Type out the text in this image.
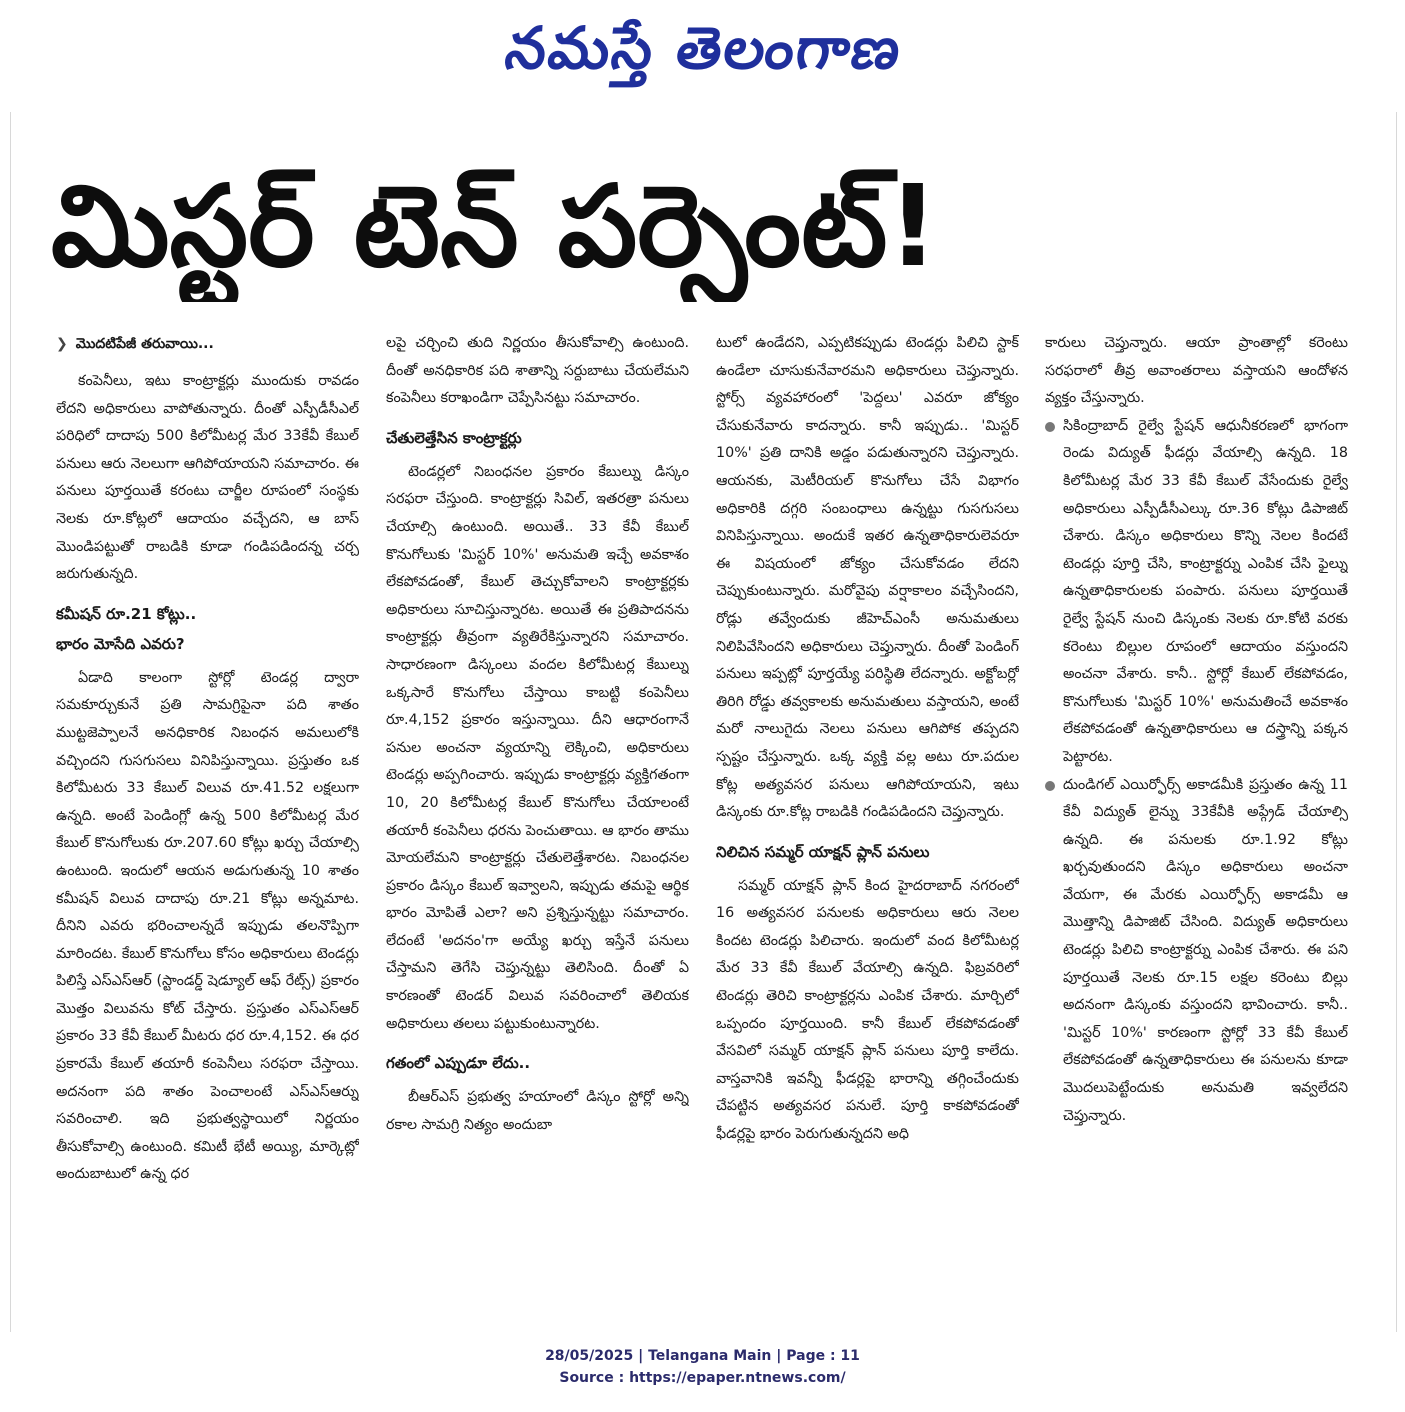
నమస్తే తెలంగాణ
మిస్టర్ టెన్ పర్సెంట్!
❯ మొదటిపేజీ తరువాయి...

కంపెనీలు, ఇటు కాంట్రాక్టర్లు ముందుకు రావడం లేదని అధికారులు వాపోతున్నారు. దీంతో ఎస్పీడీసీఎల్ పరిధిలో దాదాపు 500 కిలోమీటర్ల మేర 33కేవీ కేబుల్ పనులు ఆరు నెలలుగా ఆగిపోయాయని సమాచారం. ఈ పనులు పూర్తయితే కరంటు చార్జీల రూపంలో సంస్థకు నెలకు రూ.కోట్లలో ఆదాయం వచ్చేదని, ఆ బాస్ మొండిపట్టుతో రాబడికి కూడా గండిపడిందన్న చర్చ జరుగుతున్నది.

కమీషన్ రూ.21 కోట్లు..
భారం మోసేది ఎవరు?

ఏడాది కాలంగా స్టోర్లో టెండర్ల ద్వారా సమకూర్చుకునే ప్రతి సామగ్రిపైనా పది శాతం ముట్టజెప్పాలనే అనధికారిక నిబంధన అమలులోకి వచ్చిందని గుసగుసలు వినిపిస్తున్నాయి. ప్రస్తుతం ఒక కిలోమీటరు 33 కేబుల్ విలువ రూ.41.52 లక్షలుగా ఉన్నది. అంటే పెండింగ్లో ఉన్న 500 కిలోమీటర్ల మేర కేబుల్ కొనుగోలుకు రూ.207.60 కోట్లు ఖర్చు చేయాల్సి ఉంటుంది. ఇందులో ఆయన అడుగుతున్న 10 శాతం కమీషన్ విలువ దాదాపు రూ.21 కోట్లు అన్నమాట. దీనిని ఎవరు భరించాలన్నదే ఇప్పుడు తలనొప్పిగా మారిందట. కేబుల్ కొనుగోలు కోసం అధికారులు టెండర్లు పిలిస్తే ఎస్ఎస్ఆర్ (స్టాండర్డ్ షెడ్యూల్ ఆఫ్ రేట్స్) ప్రకారం మొత్తం విలువను కోట్ చేస్తారు. ప్రస్తుతం ఎస్ఎస్ఆర్ ప్రకారం 33 కేవీ కేబుల్ మీటరు ధర రూ.4,152. ఈ ధర ప్రకారమే కేబుల్ తయారీ కంపెనీలు సరఫరా చేస్తాయి. అదనంగా పది శాతం పెంచాలంటే ఎస్ఎస్ఆర్ను సవరించాలి. ఇది ప్రభుత్వస్థాయిలో నిర్ణయం తీసుకోవాల్సి ఉంటుంది. కమిటీ భేటీ అయ్యి, మార్కెట్లో అందుబాటులో ఉన్న ధర

లపై చర్చించి తుది నిర్ణయం తీసుకోవాల్సి ఉంటుంది. దీంతో అనధికారిక పది శాతాన్ని సర్దుబాటు చేయలేమని కంపెనీలు కరాఖండిగా చెప్పేసినట్టు సమాచారం.

చేతులెత్తేసిన కాంట్రాక్టర్లు

టెండర్లలో నిబంధనల ప్రకారం కేబుల్ను డిస్కం సరఫరా చేస్తుంది. కాంట్రాక్టర్లు సివిల్, ఇతరత్రా పనులు చేయాల్సి ఉంటుంది. అయితే.. 33 కేవీ కేబుల్ కొనుగోలుకు 'మిస్టర్ 10%' అనుమతి ఇచ్చే అవకాశం లేకపోవడంతో, కేబుల్ తెచ్చుకోవాలని కాంట్రాక్టర్లకు అధికారులు సూచిస్తున్నారట. అయితే ఈ ప్రతిపాదనను కాంట్రాక్టర్లు తీవ్రంగా వ్యతిరేకిస్తున్నారని సమాచారం. సాధారణంగా డిస్కంలు వందల కిలోమీటర్ల కేబుల్ను ఒక్కసారే కొనుగోలు చేస్తాయి కాబట్టి కంపెనీలు రూ.4,152 ప్రకారం ఇస్తున్నాయి. దీని ఆధారంగానే పనుల అంచనా వ్యయాన్ని లెక్కించి, అధికారులు టెండర్లు అప్పగించారు. ఇప్పుడు కాంట్రాక్టర్లు వ్యక్తిగతంగా 10, 20 కిలోమీటర్ల కేబుల్ కొనుగోలు చేయాలంటే తయారీ కంపెనీలు ధరను పెంచుతాయి. ఆ భారం తాము మోయలేమని కాంట్రాక్టర్లు చేతులెత్తేశారట. నిబంధనల ప్రకారం డిస్కం కేబుల్ ఇవ్వాలని, ఇప్పుడు తమపై ఆర్థిక భారం మోపితే ఎలా? అని ప్రశ్నిస్తున్నట్టు సమాచారం. లేదంటే 'అదనం'గా అయ్యే ఖర్చు ఇస్తేనే పనులు చేస్తామని తెగేసి చెప్తున్నట్టు తెలిసింది. దీంతో ఏ కారణంతో టెండర్ విలువ సవరించాలో తెలియక అధికారులు తలలు పట్టుకుంటున్నారట.

గతంలో ఎప్పుడూ లేదు..

బీఆర్ఎస్ ప్రభుత్వ హయాంలో డిస్కం స్టోర్లో అన్ని రకాల సామగ్రి నిత్యం అందుబా

టులో ఉండేదని, ఎప్పటికప్పుడు టెండర్లు పిలిచి స్టాక్ ఉండేలా చూసుకునేవారమని అధికారులు చెప్తున్నారు. స్టోర్స్ వ్యవహారంలో 'పెద్దలు' ఎవరూ జోక్యం చేసుకునేవారు కాదన్నారు. కానీ ఇప్పుడు.. 'మిస్టర్ 10%' ప్రతి దానికి అడ్డం పడుతున్నారని చెప్తున్నారు. ఆయనకు, మెటీరియల్ కొనుగోలు చేసే విభాగం అధికారికి దగ్గరి సంబంధాలు ఉన్నట్టు గుసగుసలు వినిపిస్తున్నాయి. అందుకే ఇతర ఉన్నతాధికారులెవరూ ఈ విషయంలో జోక్యం చేసుకోవడం లేదని చెప్పుకుంటున్నారు. మరోవైపు వర్షాకాలం వచ్చేసిందని, రోడ్లు తవ్వేందుకు జీహెచ్ఎంసీ అనుమతులు నిలిపివేసిందని అధికారులు చెప్తున్నారు. దీంతో పెండింగ్ పనులు ఇప్పట్లో పూర్తయ్యే పరిస్థితి లేదన్నారు. అక్టోబర్లో తిరిగి రోడ్డు తవ్వకాలకు అనుమతులు వస్తాయని, అంటే మరో నాలుగైదు నెలలు పనులు ఆగిపోక తప్పదని స్పష్టం చేస్తున్నారు. ఒక్క వ్యక్తి వల్ల అటు రూ.పదుల కోట్ల అత్యవసర పనులు ఆగిపోయాయని, ఇటు డిస్కంకు రూ.కోట్ల రాబడికి గండిపడిందని చెప్తున్నారు.

నిలిచిన సమ్మర్ యాక్షన్ ప్లాన్ పనులు

సమ్మర్ యాక్షన్ ప్లాన్ కింద హైదరాబాద్ నగరంలో 16 అత్యవసర పనులకు అధికారులు ఆరు నెలల కిందట టెండర్లు పిలిచారు. ఇందులో వంద కిలోమీటర్ల మేర 33 కేవీ కేబుల్ వేయాల్సి ఉన్నది. ఫిబ్రవరిలో టెండర్లు తెరిచి కాంట్రాక్టర్లను ఎంపిక చేశారు. మార్చిలో ఒప్పందం పూర్తయింది. కానీ కేబుల్ లేకపోవడంతో వేసవిలో సమ్మర్ యాక్షన్ ప్లాన్ పనులు పూర్తి కాలేదు. వాస్తవానికి ఇవన్నీ ఫీడర్లపై భారాన్ని తగ్గించేందుకు చేపట్టిన అత్యవసర పనులే. పూర్తి కాకపోవడంతో ఫీడర్లపై భారం పెరుగుతున్నదని అధి

కారులు చెప్తున్నారు. ఆయా ప్రాంతాల్లో కరెంటు సరఫరాలో తీవ్ర అవాంతరాలు వస్తాయని ఆందోళన వ్యక్తం చేస్తున్నారు.

సికింద్రాబాద్ రైల్వే స్టేషన్ ఆధునీకరణలో భాగంగా రెండు విద్యుత్ ఫీడర్లు వేయాల్సి ఉన్నది. 18 కిలోమీటర్ల మేర 33 కేవీ కేబుల్ వేసేందుకు రైల్వే అధికారులు ఎస్పీడీసీఎల్కు రూ.36 కోట్లు డిపాజిట్ చేశారు. డిస్కం అధికారులు కొన్ని నెలల కిందటే టెండర్లు పూర్తి చేసి, కాంట్రాక్టర్ను ఎంపిక చేసి ఫైల్ను ఉన్నతాధికారులకు పంపారు. పనులు పూర్తయితే రైల్వే స్టేషన్ నుంచి డిస్కంకు నెలకు రూ.కోటి వరకు కరెంటు బిల్లుల రూపంలో ఆదాయం వస్తుందని అంచనా వేశారు. కానీ.. స్టోర్లో కేబుల్ లేకపోవడం, కొనుగోలుకు 'మిస్టర్ 10%' అనుమతించే అవకాశం లేకపోవడంతో ఉన్నతాధికారులు ఆ దస్త్రాన్ని పక్కన పెట్టారట.

దుండిగల్ ఎయిర్ఫోర్స్ అకాడమీకి ప్రస్తుతం ఉన్న 11 కేవీ విద్యుత్ లైన్ను 33కేవీకి అప్గ్రేడ్ చేయాల్సి ఉన్నది. ఈ పనులకు రూ.1.92 కోట్లు ఖర్చవుతుందని డిస్కం అధికారులు అంచనా వేయగా, ఈ మేరకు ఎయిర్ఫోర్స్ అకాడమీ ఆ మొత్తాన్ని డిపాజిట్ చేసింది. విద్యుత్ అధికారులు టెండర్లు పిలిచి కాంట్రాక్టర్ను ఎంపిక చేశారు. ఈ పని పూర్తయితే నెలకు రూ.15 లక్షల కరెంటు బిల్లు అదనంగా డిస్కంకు వస్తుందని భావించారు. కానీ.. 'మిస్టర్ 10%' కారణంగా స్టోర్లో 33 కేవీ కేబుల్ లేకపోవడంతో ఉన్నతాధికారులు ఈ పనులను కూడా మొదలుపెట్టేందుకు అనుమతి ఇవ్వలేదని చెప్తున్నారు.

28/05/2025 | Telangana Main | Page : 11
Source : https://epaper.ntnews.com/
